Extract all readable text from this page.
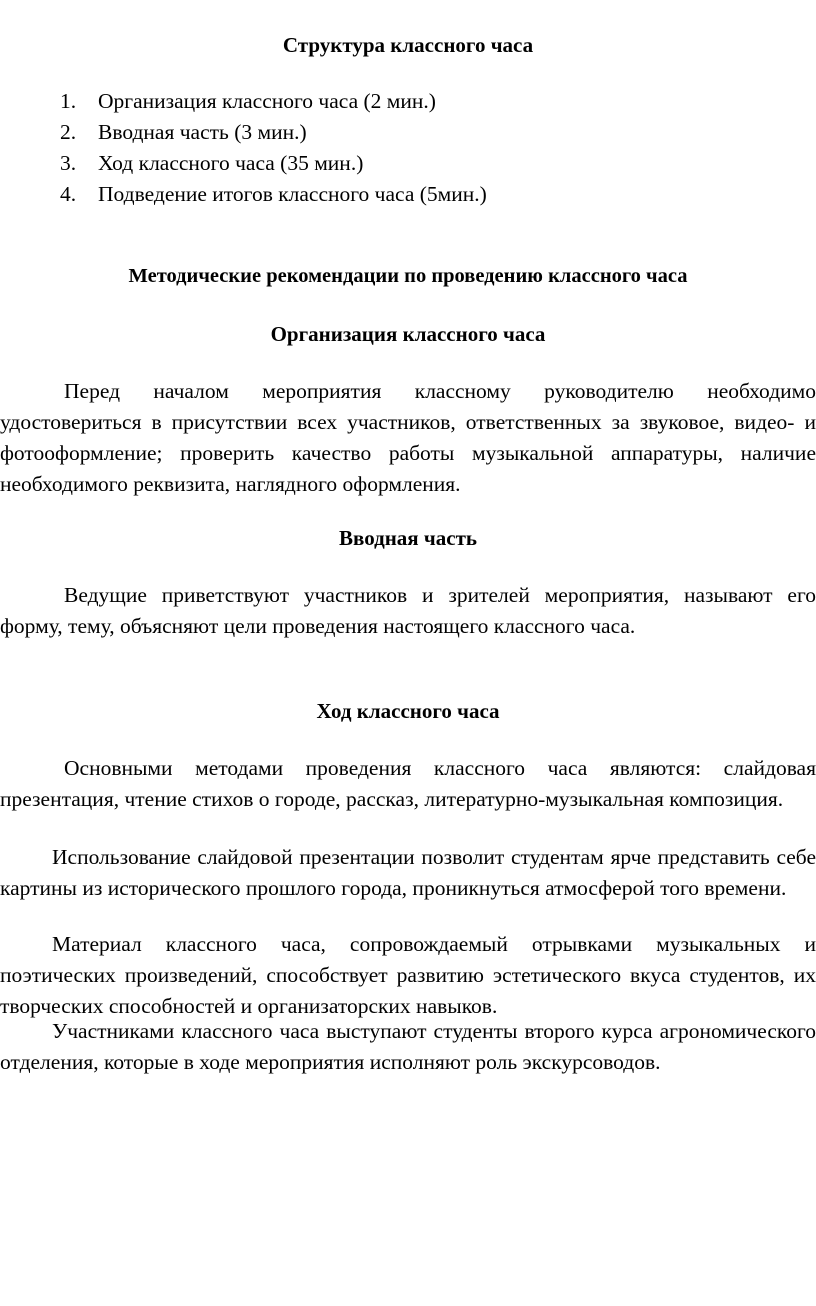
Структура классного часа
1. Организация классного часа (2 мин.)
2. Вводная часть (3 мин.)
3. Ход классного часа (35 мин.)
4. Подведение итогов классного часа (5мин.)
Методические рекомендации по проведению классного часа
Организация классного часа

Перед началом мероприятия классному руководителю необходимо удостовериться в присутствии всех участников, ответственных за звуковое, видео- и фотооформление; проверить качество работы музыкальной аппаратуры, наличие необходимого реквизита, наглядного оформления.

Вводная часть

Ведущие приветствуют участников и зрителей мероприятия, называют его форму, тему, объясняют цели проведения настоящего классного часа.

Ход классного часа

Основными методами проведения классного часа являются: слайдовая презентация, чтение стихов о городе, рассказ, литературно-музыкальная композиция.

Использование слайдовой презентации позволит студентам ярче представить себе картины из исторического прошлого города, проникнуться атмосферой того времени.

Материал классного часа, сопровождаемый отрывками музыкальных и поэтических произведений, способствует развитию эстетического вкуса студентов, их творческих способностей и организаторских навыков.

Участниками классного часа выступают студенты второго курса агрономического отделения, которые в ходе мероприятия исполняют роль экскурсоводов.
